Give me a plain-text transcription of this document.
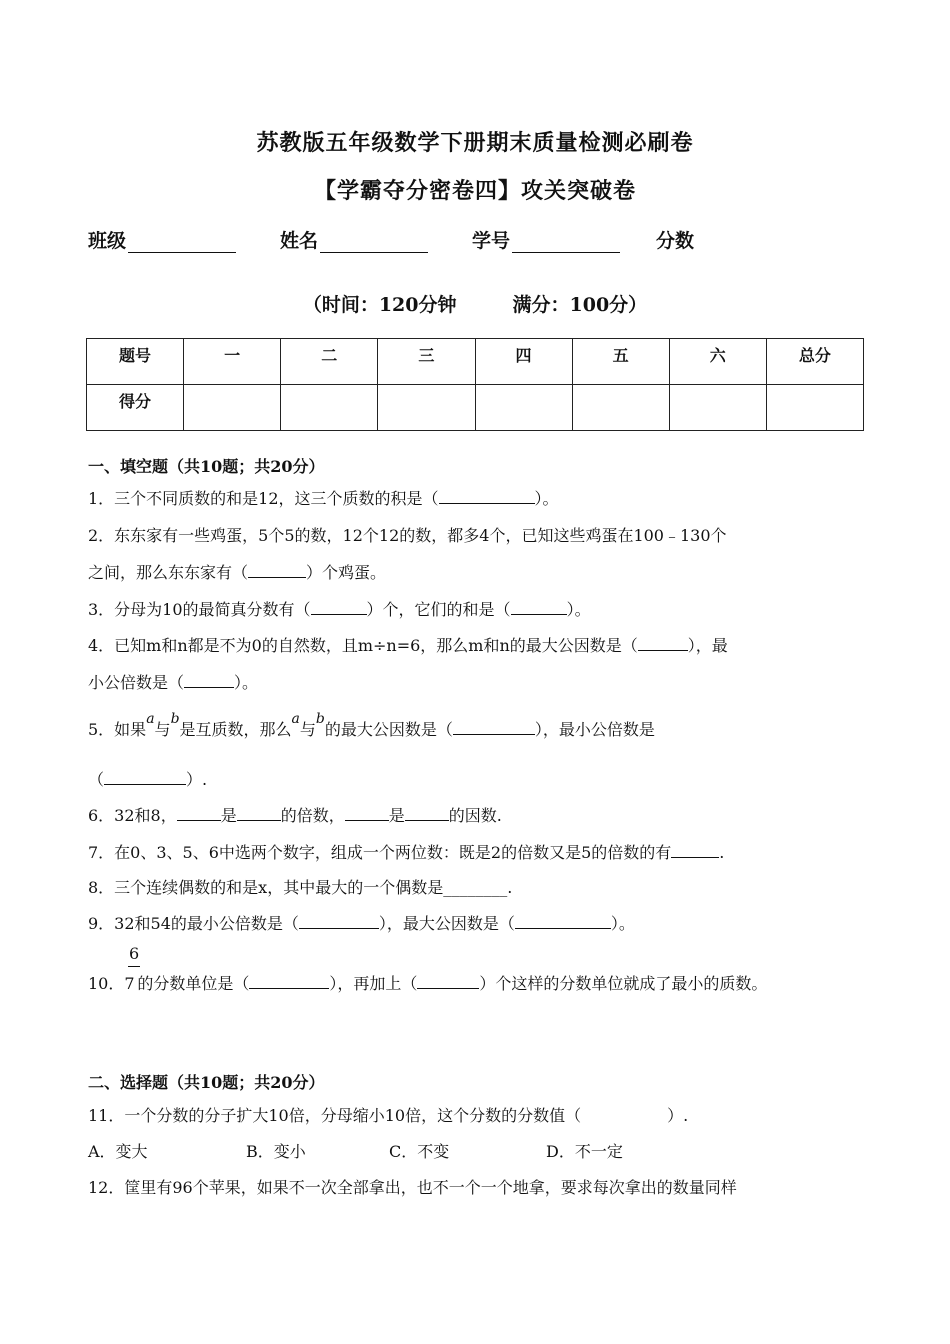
苏教版五年级数学下册期末质量检测必刷卷
【学霸夺分密卷四】攻关突破卷
班级	姓名	学号	分数
（时间：120分钟	满分：100分）
题号	一	二	三	四	五	六	总分
得分							
一、填空题（共10题；共20分）
1．三个不同质数的和是12，这三个质数的积是（	）。
2．东东家有一些鸡蛋，5个5的数，12个12的数，都多4个，已知这些鸡蛋在100﹣130个
之间，那么东东家有（	）个鸡蛋。
3．分母为10的最简真分数有（	）个，它们的和是（	）。
4．已知m和n都是不为0的自然数，且m÷n=6，那么m和n的最大公因数是（	），最
小公倍数是（	）。
5．如果a与b是互质数，那么a与b的最大公因数是（	），最小公倍数是
（	）.
6．32和8，	是	的倍数，	是	的因数.
7．在0、3、5、6中选两个数字，组成一个两位数：既是2的倍数又是5的倍数的有	.
8．三个连续偶数的和是x，其中最大的一个偶数是________.
9．32和54的最小公倍数是（	），最大公因数是（	）。
6
10．7 的分数单位是（	），再加上（	）个这样的分数单位就成了最小的质数。
二、选择题（共10题；共20分）
11．一个分数的分子扩大10倍，分母缩小10倍，这个分数的分数值（	）.
A．变大	B．变小	C．不变	D．不一定
12．筐里有96个苹果，如果不一次全部拿出，也不一个一个地拿，要求每次拿出的数量同样
